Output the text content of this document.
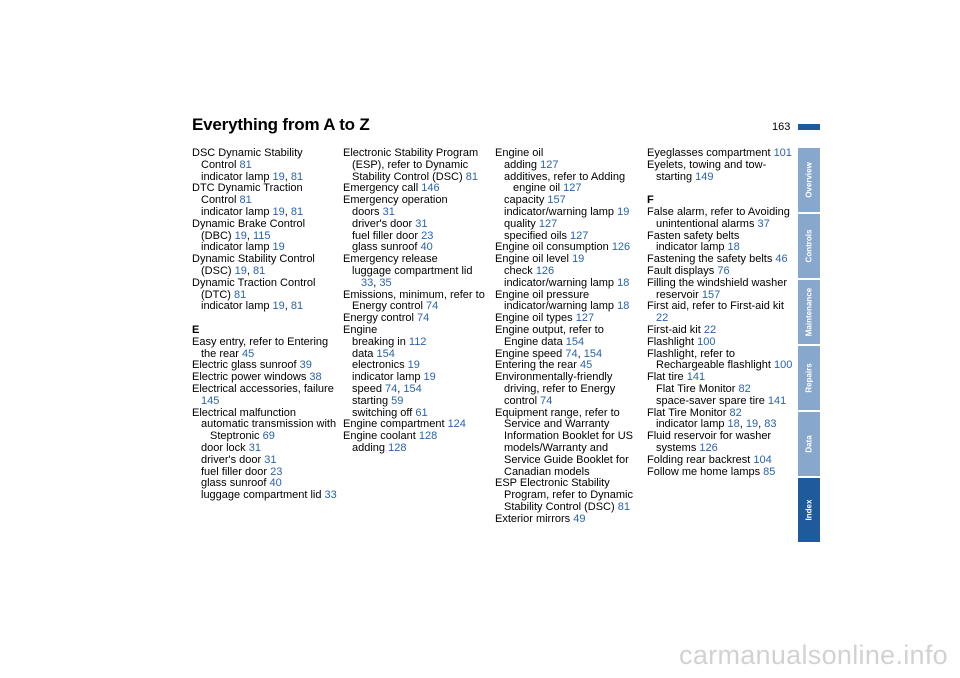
Everything from A to Z	163

DSC Dynamic Stability Control 81

indicator lamp 19, 81

DTC Dynamic Traction Control 81

indicator lamp 19, 81

Dynamic Brake Control (DBC) 19, 115

indicator lamp 19

Dynamic Stability Control (DSC) 19, 81

Dynamic Traction Control (DTC) 81

indicator lamp 19, 81

E

Easy entry, refer to Entering the rear 45

Electric glass sunroof 39

Electric power windows 38

Electrical accessories, failure 145

Electrical malfunction

automatic transmission with Steptronic 69

door lock 31

driver's door 31

fuel filler door 23

glass sunroof 40

luggage compartment lid 33

Electronic Stability Program (ESP), refer to Dynamic Stability Control (DSC) 81

Emergency call 146

Emergency operation

doors 31

driver's door 31

fuel filler door 23

glass sunroof 40

Emergency release

luggage compartment lid 33, 35

Emissions, minimum, refer to Energy control 74

Energy control 74

Engine

breaking in 112

data 154

electronics 19

indicator lamp 19

speed 74, 154

starting 59

switching off 61

Engine compartment 124

Engine coolant 128

adding 128

Engine oil

adding 127

additives, refer to Adding engine oil 127

capacity 157

indicator/warning lamp 19

quality 127

specified oils 127

Engine oil consumption 126

Engine oil level 19

check 126

indicator/warning lamp 18

Engine oil pressure

indicator/warning lamp 18

Engine oil types 127

Engine output, refer to Engine data 154

Engine speed 74, 154

Entering the rear 45

Environmentally-friendly driving, refer to Energy control 74

Equipment range, refer to Service and Warranty Information Booklet for US models/Warranty and Service Guide Booklet for Canadian models

ESP Electronic Stability Program, refer to Dynamic Stability Control (DSC) 81

Exterior mirrors 49

Eyeglasses compartment 101

Eyelets, towing and tow-starting 149

F

False alarm, refer to Avoiding unintentional alarms 37

Fasten safety belts

indicator lamp 18

Fastening the safety belts 46

Fault displays 76

Filling the windshield washer reservoir 157

First aid, refer to First-aid kit 22

First-aid kit 22

Flashlight 100

Flashlight, refer to Rechargeable flashlight 100

Flat tire 141

Flat Tire Monitor 82

space-saver spare tire 141

Flat Tire Monitor 82

indicator lamp 18, 19, 83

Fluid reservoir for washer systems 126

Folding rear backrest 104

Follow me home lamps 85

Overview
Controls
Maintenance
Repairs
Data
Index
carmanualsonline.info
